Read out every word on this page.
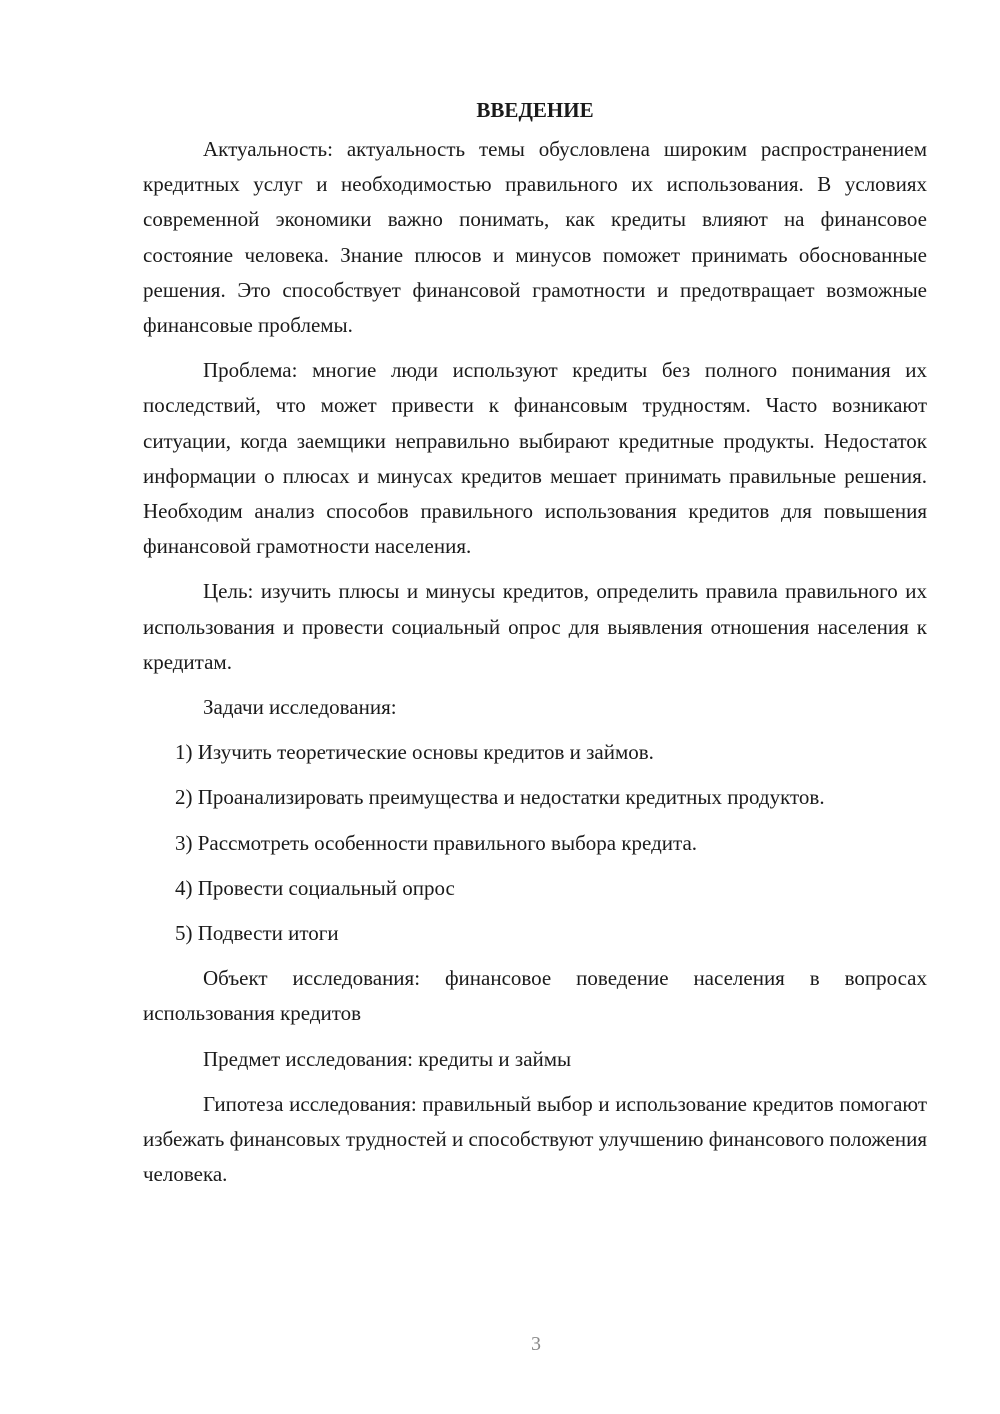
ВВЕДЕНИЕ

Актуальность: актуальность темы обусловлена широким распространением кредитных услуг и необходимостью правильного их использования. В условиях современной экономики важно понимать, как кредиты влияют на финансовое состояние человека. Знание плюсов и минусов поможет принимать обоснованные решения. Это способствует финансовой грамотности и предотвращает возможные финансовые проблемы.

Проблема: многие люди используют кредиты без полного понимания их последствий, что может привести к финансовым трудностям. Часто возникают ситуации, когда заемщики неправильно выбирают кредитные продукты. Недостаток информации о плюсах и минусах кредитов мешает принимать правильные решения. Необходим анализ способов правильного использования кредитов для повышения финансовой грамотности населения.

Цель: изучить плюсы и минусы кредитов, определить правила правильного их использования и провести социальный опрос для выявления отношения населения к кредитам.

Задачи исследования:

1) Изучить теоретические основы кредитов и займов.

2) Проанализировать преимущества и недостатки кредитных продуктов.

3) Рассмотреть особенности правильного выбора кредита.

4) Провести социальный опрос

5) Подвести итоги

Объект исследования: финансовое поведение населения в вопросах использования кредитов

Предмет исследования: кредиты и займы

Гипотеза исследования: правильный выбор и использование кредитов помогают избежать финансовых трудностей и способствуют улучшению финансового положения человека.

3
